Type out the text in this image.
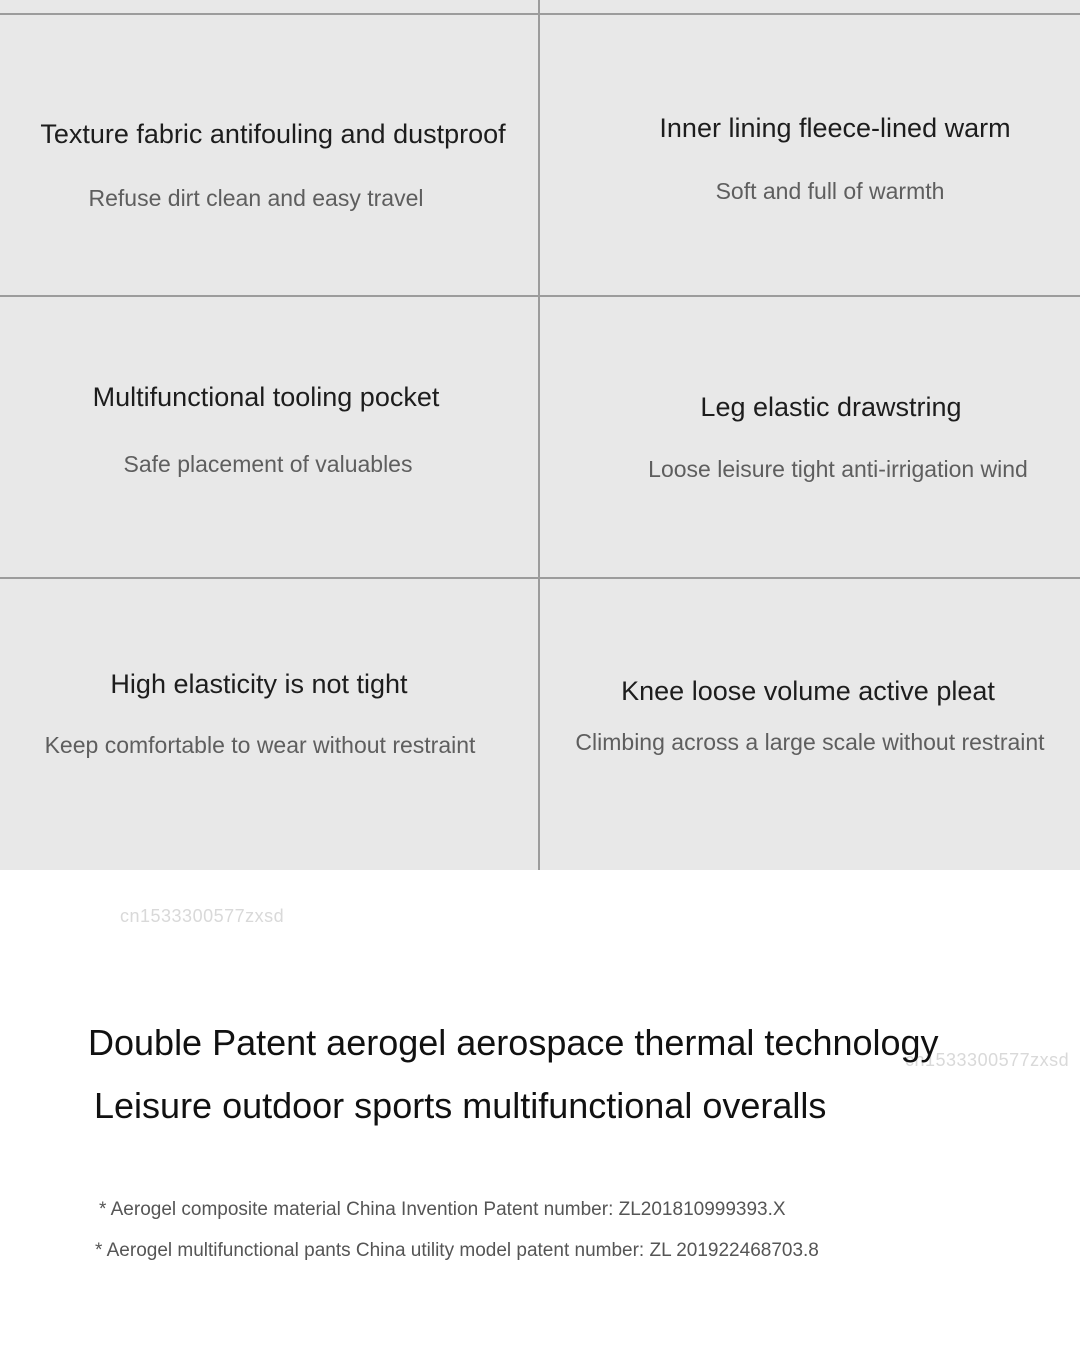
Texture fabric antifouling and dustproof
Refuse dirt clean and easy travel
Inner lining fleece-lined warm
Soft and full of warmth
Multifunctional tooling pocket
Safe placement of valuables
Leg elastic drawstring
Loose leisure tight anti-irrigation wind
High elasticity is not tight
Keep comfortable to wear without restraint
Knee loose volume active pleat
Climbing across a large scale without restraint
cn1533300577zxsd
cn1533300577zxsd
Double Patent aerogel aerospace thermal technology
Leisure outdoor sports multifunctional overalls
* Aerogel composite material China Invention Patent number: ZL201810999393.X
* Aerogel multifunctional pants China utility model patent number: ZL 201922468703.8
